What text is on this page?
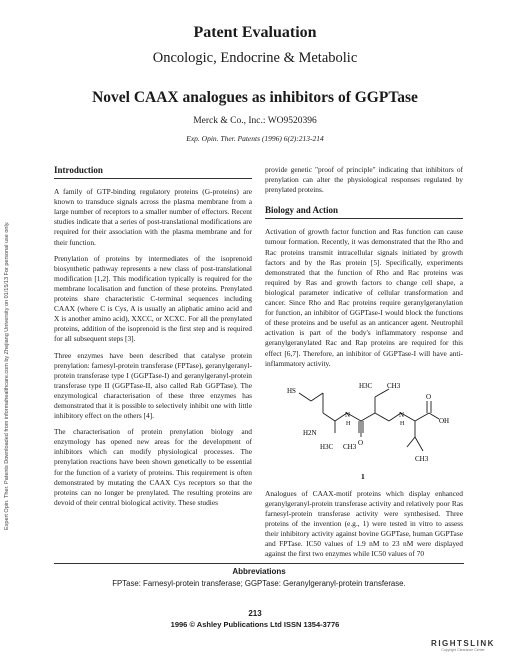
Expert Opin. Ther. Patents Downloaded from informahealthcare.com by Zhejiang University on 01/15/13 For personal use only.
Patent Evaluation
Oncologic, Endocrine & Metabolic
Novel CAAX analogues as inhibitors of GGPTase
Merck & Co., Inc.: WO9520396
Exp. Opin. Ther. Patents (1996) 6(2):213-214
Introduction

A family of GTP-binding regulatory proteins (G-proteins) are known to transduce signals across the plasma membrane from a large number of receptors to a smaller number of effectors. Recent studies indicate that a series of post-translational modifications are required for their association with the plasma membrane and for their function.

Prenylation of proteins by intermediates of the isoprenoid biosynthetic pathway represents a new class of post-translational modification [1,2]. This modification typically is required for the membrane localisation and function of these proteins. Prenylated proteins share characteristic C-terminal sequences including CAAX (where C is Cys, A is usually an aliphatic amino acid and X is another amino acid), XXCC, or XCXC. For all the prenylated proteins, addition of the isoprenoid is the first step and is required for all subsequent steps [3].

Three enzymes have been described that catalyse protein prenylation: farnesyl-protein transferase (FPTase), geranylgeranyl-protein transferase type I (GGPTase-I) and geranylgeranyl-protein transferase type II (GGPTase-II, also called Rab GGPTase). The enzymological characterisation of these three enzymes has demonstrated that it is possible to selectively inhibit one with little inhibitory effect on the others [4].

The characterisation of protein prenylation biology and enzymology has opened new areas for the development of inhibitors which can modify physiological processes. The prenylation reactions have been shown genetically to be essential for the function of a variety of proteins. This requirement is often demonstrated by mutating the CAAX Cys receptors so that the proteins can no longer be prenylated. The resulting proteins are devoid of their central biological activity. These studies

provide genetic "proof of principle" indicating that inhibitors of prenylation can alter the physiological responses regulated by prenylated proteins.

Biology and Action

Activation of growth factor function and Ras function can cause tumour formation. Recently, it was demonstrated that the Rho and Rac proteins transmit intracellular signals initiated by growth factors and by the Ras protein [5]. Specifically, experiments demonstrated that the function of Rho and Rac proteins was required by Ras and growth factors to change cell shape, a biological parameter indicative of cellular transformation and cancer. Since Rho and Rac proteins require geranylgeranylation for function, an inhibitor of GGPTase-I would block the functions of these proteins and be useful as an anticancer agent. Neutrophil activation is part of the body's inflammatory response and geranylgeranylated Rac and Rap proteins are required for this effect [6,7]. Therefore, an inhibitor of GGPTase-I will have anti-inflammatory activity.

HS
H2N
H3C CH3
H3C CH3
CH3
N
H
N
H
O
O
OH
1

Analogues of CAAX-motif proteins which display enhanced geranylgeranyl-protein transferase activity and relatively poor Ras farnesyl-protein transferase activity were synthesised. Three proteins of the invention (e.g., 1) were tested in vitro to assess their inhibitory activity against bovine GGPTase, human GGPTase and FPTase. IC50 values of 1.9 nM to 23 nM were displayed against the first two enzymes while IC50 values of 70

Abbreviations
FPTase: Farnesyl-protein transferase; GGPTase: Geranylgeranyl-protein transferase.
213
1996 © Ashley Publications Ltd ISSN 1354-3776
RIGHTSLINK
Copyright Clearance Center
